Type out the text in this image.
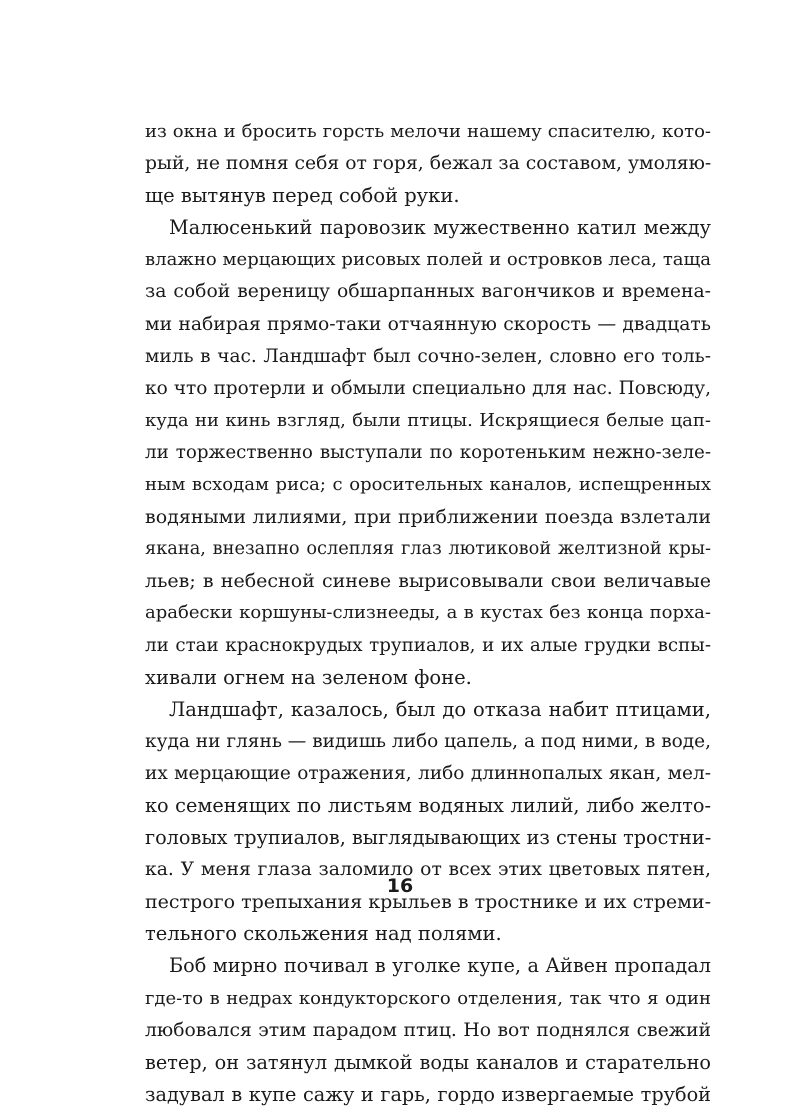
из окна и бросить горсть мелочи нашему спасителю, кото-
рый, не помня себя от горя, бежал за составом, умоляю-
ще вытянув перед собой руки.
Малюсенький паровозик мужественно катил между
влажно мерцающих рисовых полей и островков леса, таща
за собой вереницу обшарпанных вагончиков и времена-
ми набирая прямо-таки отчаянную скорость — двадцать
миль в час. Ландшафт был сочно-зелен, словно его толь-
ко что протерли и обмыли специально для нас. Повсюду,
куда ни кинь взгляд, были птицы. Искрящиеся белые цап-
ли торжественно выступали по коротеньким нежно-зеле-
ным всходам риса; с оросительных каналов, испещренных
водяными лилиями, при приближении поезда взлетали
якана, внезапно ослепляя глаз лютиковой желтизной кры-
льев; в небесной синеве вырисовывали свои величавые
арабески коршуны-слизнееды, а в кустах без конца порха-
ли стаи краснокрудых трупиалов, и их алые грудки вспы-
хивали огнем на зеленом фоне.
Ландшафт, казалось, был до отказа набит птицами,
куда ни глянь — видишь либо цапель, а под ними, в воде,
их мерцающие отражения, либо длиннопалых якан, мел-
ко семенящих по листьям водяных лилий, либо желто-
головых трупиалов, выглядывающих из стены тростни-
ка. У меня глаза заломило от всех этих цветовых пятен,
пестрого трепыхания крыльев в тростнике и их стреми-
тельного скольжения над полями.
Боб мирно почивал в уголке купе, а Айвен пропадал
где-то в недрах кондукторского отделения, так что я один
любовался этим парадом птиц. Но вот поднялся свежий
ветер, он затянул дымкой воды каналов и старательно
задувал в купе сажу и гарь, гордо извергаемые трубой
16
